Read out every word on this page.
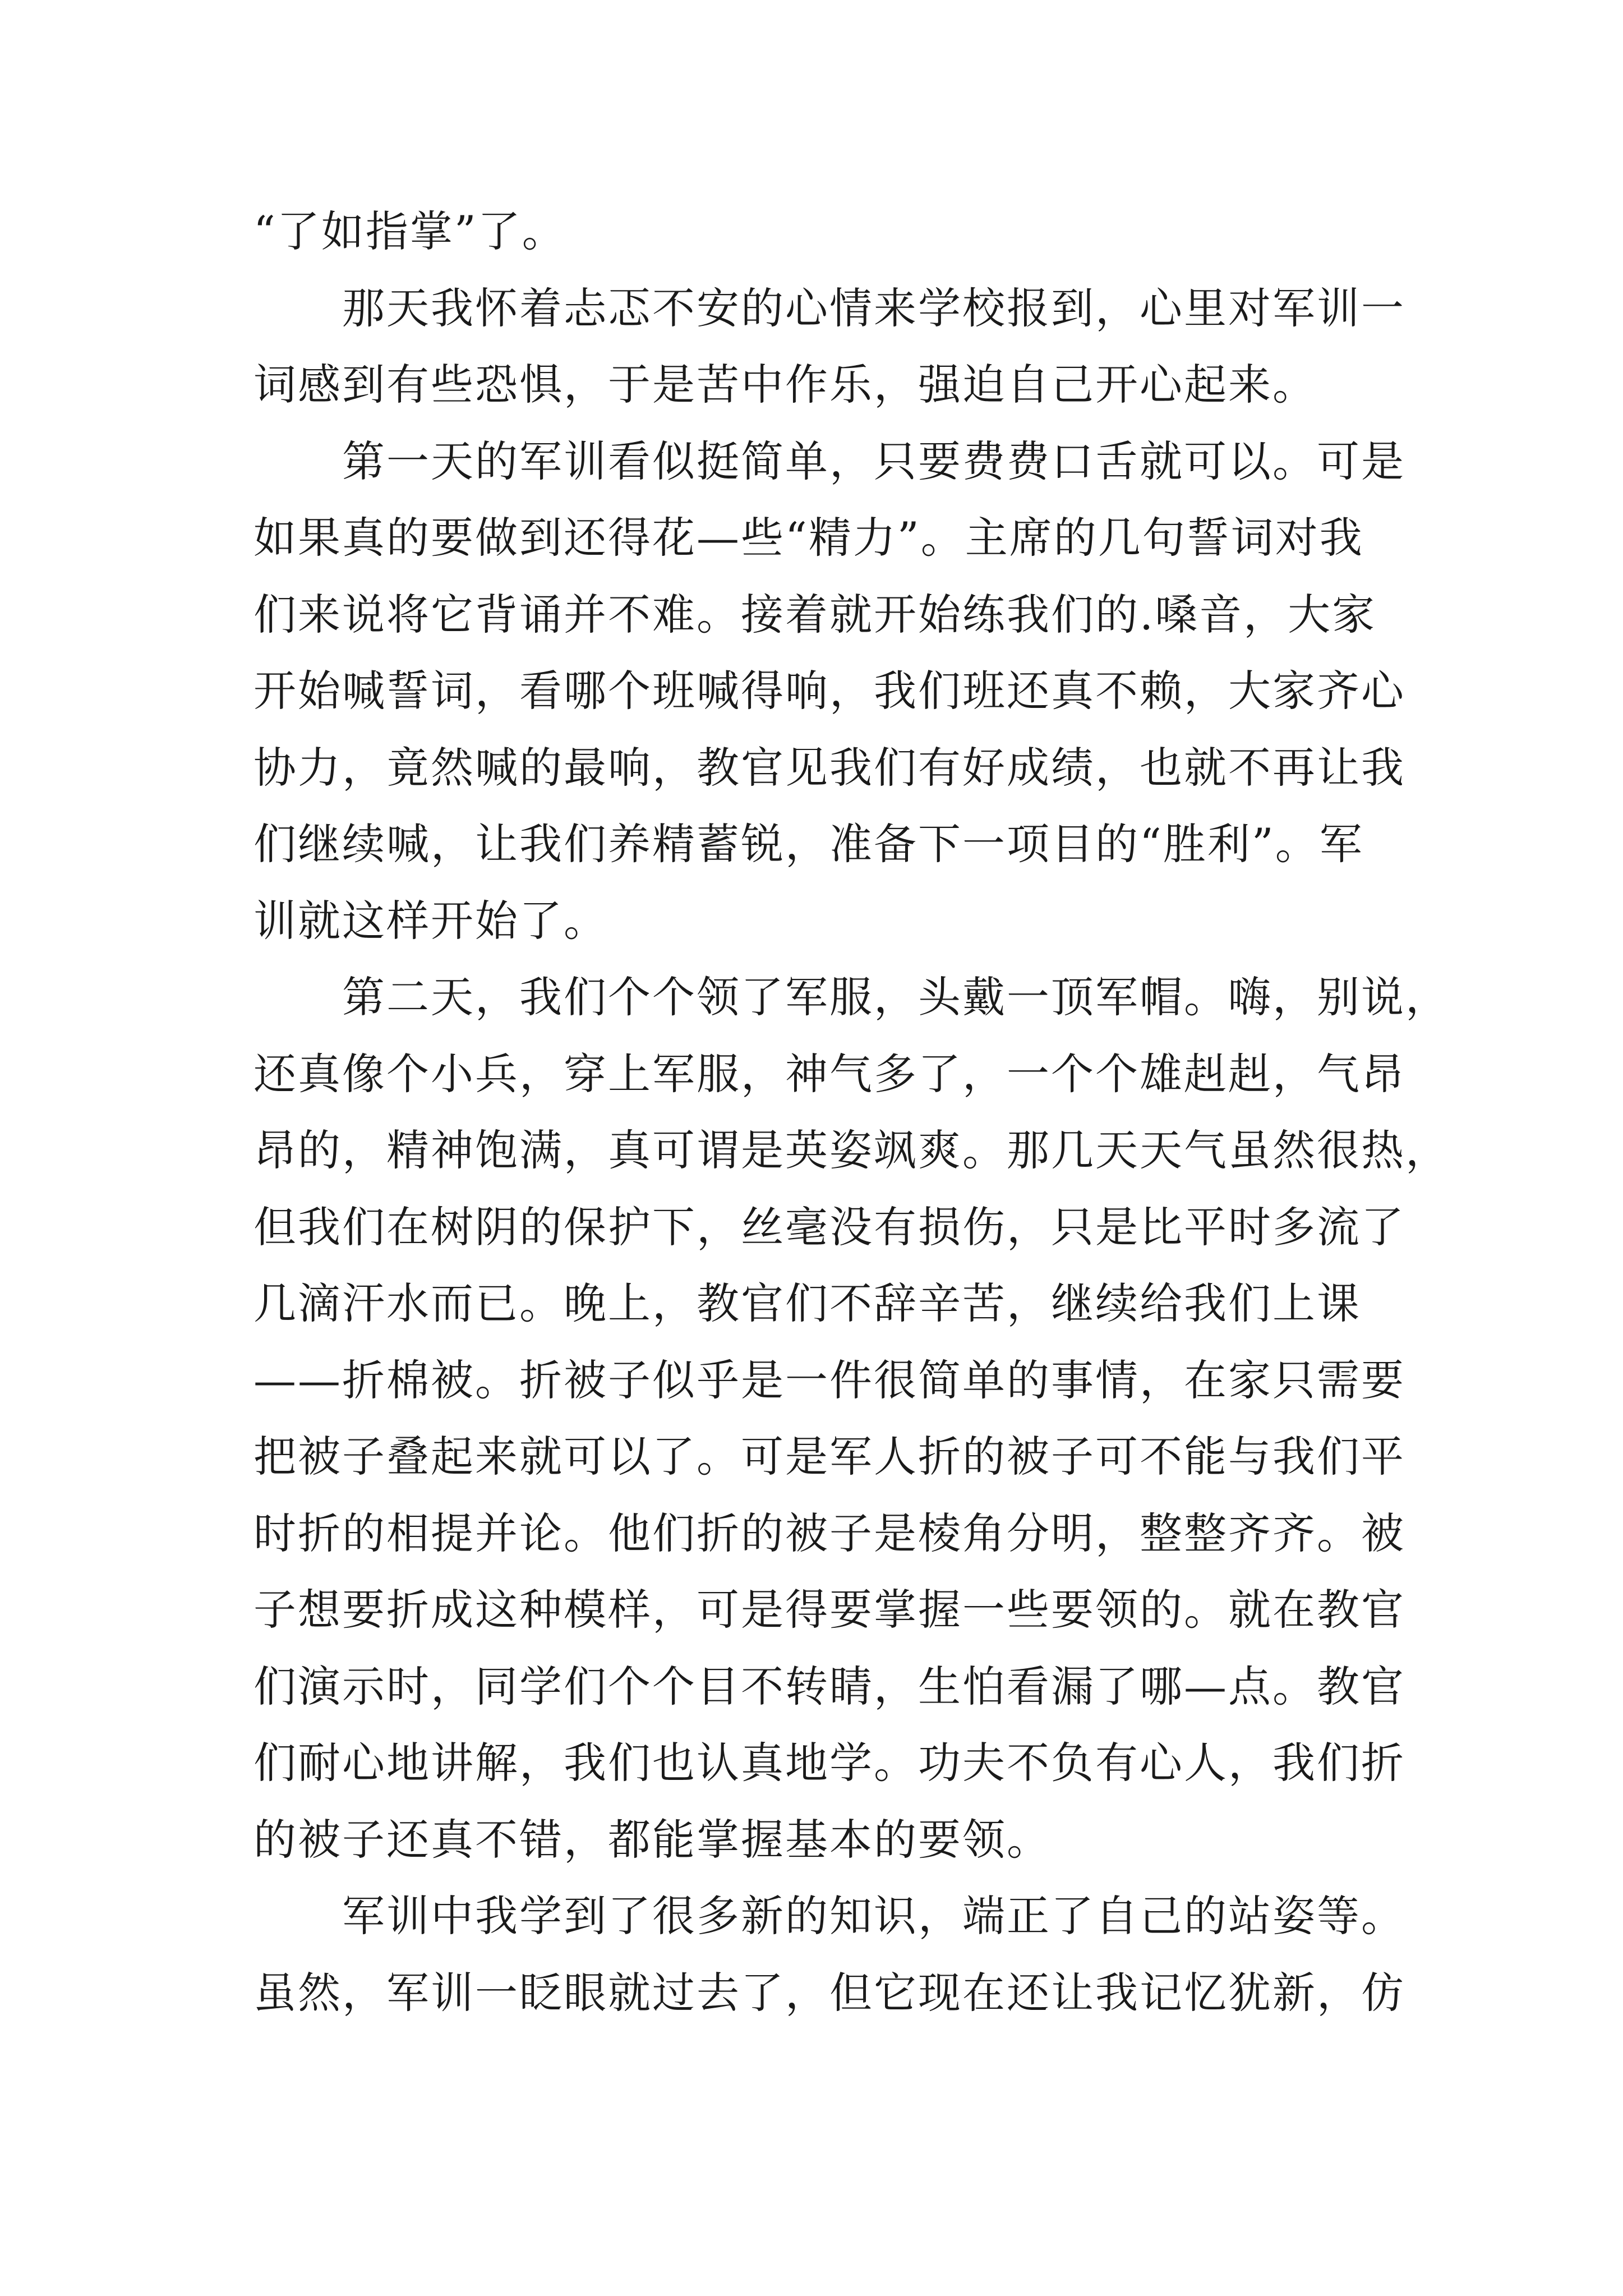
“了如指掌”了。
　　那天我怀着忐忑不安的心情来学校报到，心里对军训一
词感到有些恐惧，于是苦中作乐，强迫自己开心起来。
　　第一天的军训看似挺简单，只要费费口舌就可以。可是
如果真的要做到还得花—些“精力”。主席的几句誓词对我
们来说将它背诵并不难。接着就开始练我们的.嗓音，大家
开始喊誓词，看哪个班喊得响，我们班还真不赖，大家齐心
协力，竟然喊的最响，教官见我们有好成绩，也就不再让我
们继续喊，让我们养精蓄锐，准备下一项目的“胜利”。军
训就这样开始了。
　　第二天，我们个个领了军服，头戴一顶军帽。嗨，别说，
还真像个小兵，穿上军服，神气多了，一个个雄赳赳，气昂
昂的，精神饱满，真可谓是英姿飒爽。那几天天气虽然很热，
但我们在树阴的保护下，丝毫没有损伤，只是比平时多流了
几滴汗水而已。晚上，教官们不辞辛苦，继续给我们上课
——折棉被。折被子似乎是一件很简单的事情，在家只需要
把被子叠起来就可以了。可是军人折的被子可不能与我们平
时折的相提并论。他们折的被子是棱角分明，整整齐齐。被
子想要折成这种模样，可是得要掌握一些要领的。就在教官
们演示时，同学们个个目不转睛，生怕看漏了哪—点。教官
们耐心地讲解，我们也认真地学。功夫不负有心人，我们折
的被子还真不错，都能掌握基本的要领。
　　军训中我学到了很多新的知识，端正了自己的站姿等。
虽然，军训一眨眼就过去了，但它现在还让我记忆犹新，仿
